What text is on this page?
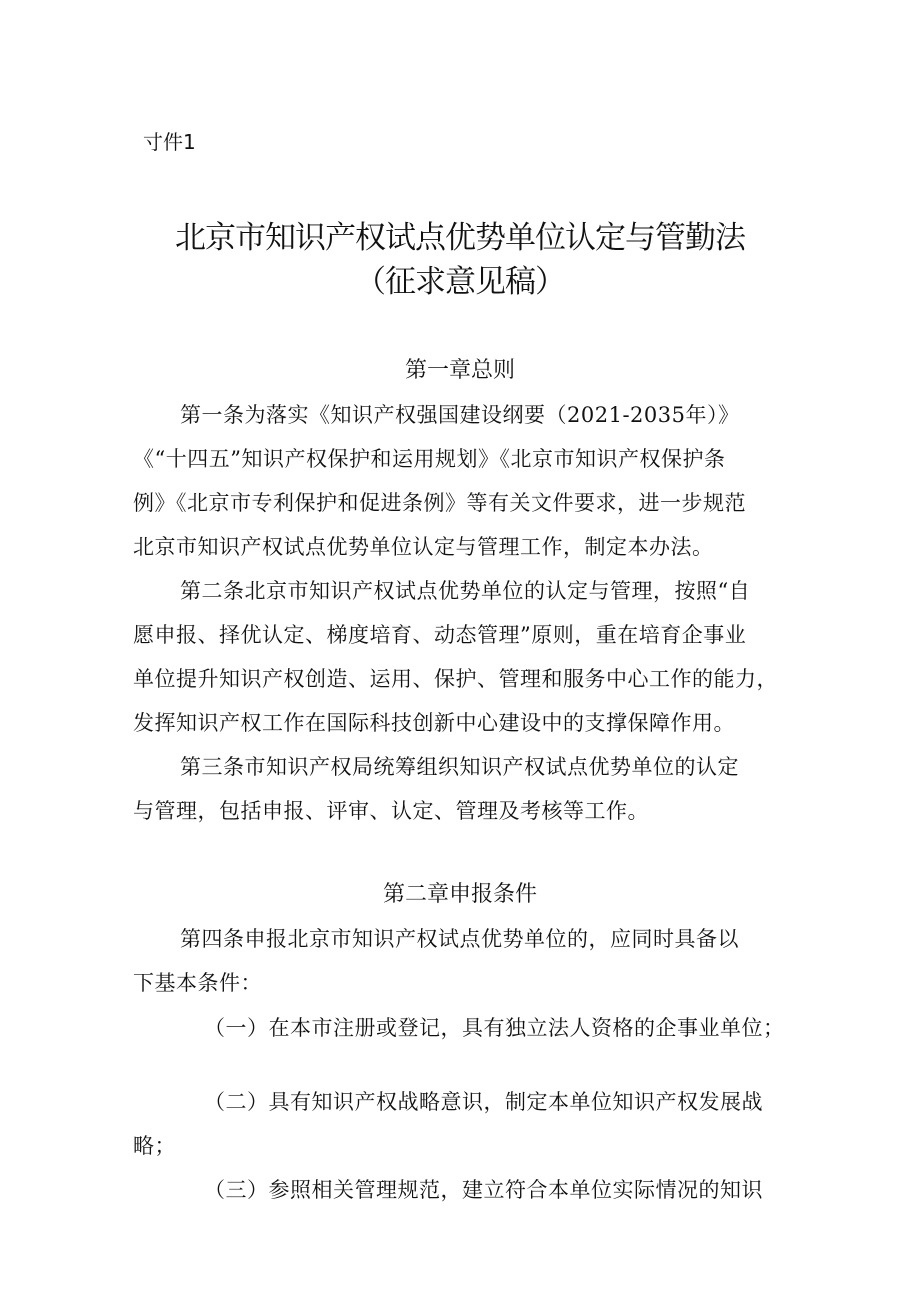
寸件1
北京市知识产权试点优势单位认定与管勤法
（征求意见稿）
第一章总则
第一条为落实《知识产权强国建设纲要（2021-2035年）》
《“十四五”知识产权保护和运用规划》《北京市知识产权保护条
例》《北京市专利保护和促进条例》等有关文件要求，进一步规范
北京市知识产权试点优势单位认定与管理工作，制定本办法。
第二条北京市知识产权试点优势单位的认定与管理，按照“自
愿申报、择优认定、梯度培育、动态管理”原则，重在培育企事业
单位提升知识产权创造、运用、保护、管理和服务中心工作的能力，
发挥知识产权工作在国际科技创新中心建设中的支撑保障作用。
第三条市知识产权局统筹组织知识产权试点优势单位的认定
与管理，包括申报、评审、认定、管理及考核等工作。
第二章申报条件
第四条申报北京市知识产权试点优势单位的，应同时具备以
下基本条件：
（一）在本市注册或登记，具有独立法人资格的企事业单位；
（二）具有知识产权战略意识，制定本单位知识产权发展战
略；
（三）参照相关管理规范，建立符合本单位实际情况的知识
